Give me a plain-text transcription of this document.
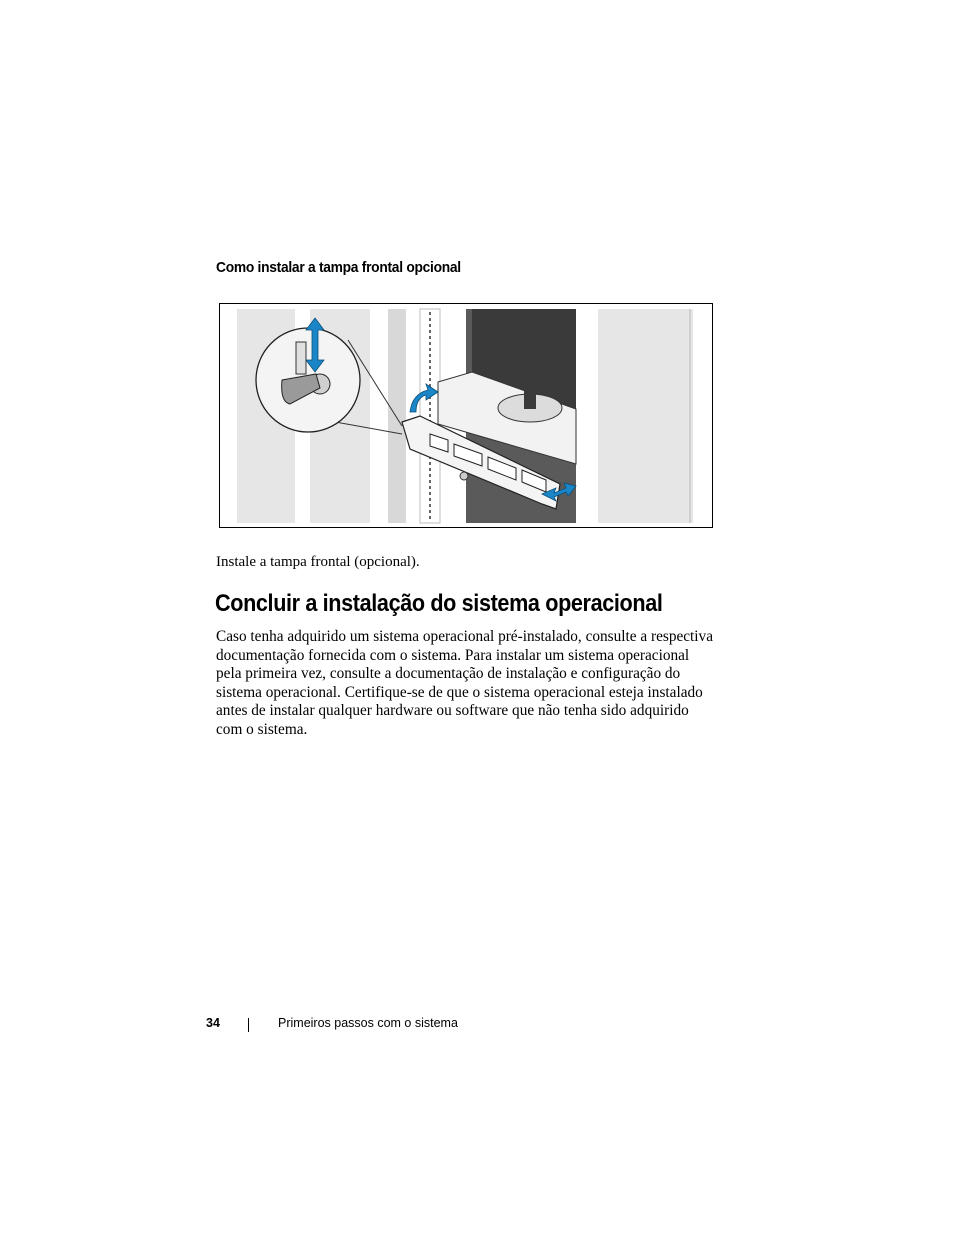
Como instalar a tampa frontal opcional
Instale a tampa frontal (opcional).
Concluir a instalação do sistema operacional

Caso tenha adquirido um sistema operacional pré-instalado, consulte a respectiva documentação fornecida com o sistema. Para instalar um sistema operacional pela primeira vez, consulte a documentação de instalação e configuração do sistema operacional. Certifique-se de que o sistema operacional esteja instalado antes de instalar qualquer hardware ou software que não tenha sido adquirido com o sistema.

34	Primeiros passos com o sistema
